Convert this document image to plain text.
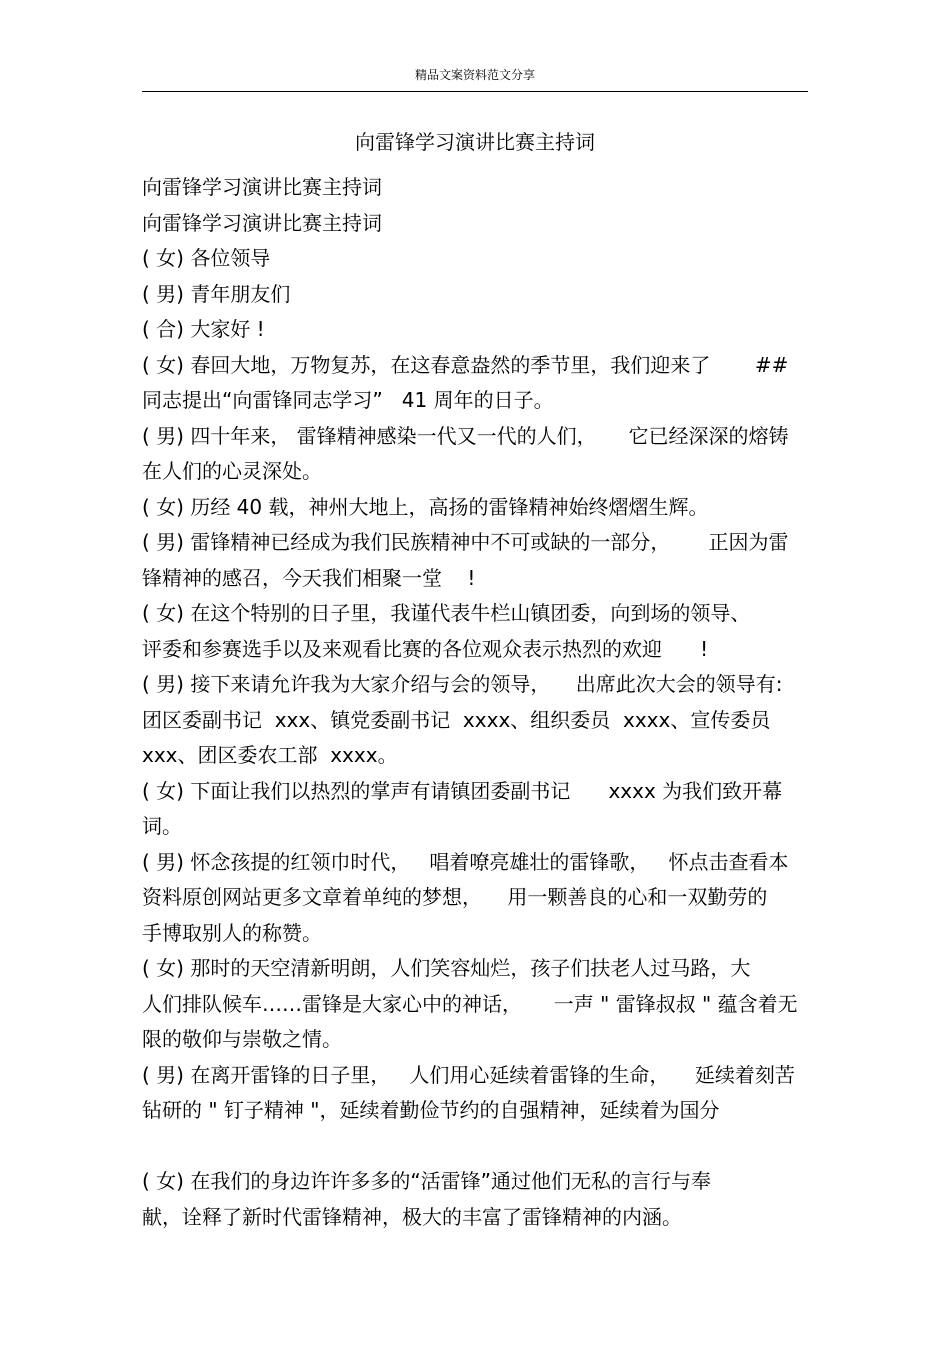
精品文案资料范文分享
向雷锋学习演讲比赛主持词
向雷锋学习演讲比赛主持词
向雷锋学习演讲比赛主持词
( 女) 各位领导
( 男) 青年朋友们
( 合) 大家好 !
( 女) 春回大地，万物复苏，在这春意盎然的季节里，我们迎来了       ##
同志提出“向雷锋同志学习”   41 周年的日子。
( 男) 四十年来， 雷锋精神感染一代又一代的人们，     它已经深深的熔铸
在人们的心灵深处。
( 女) 历经 40 载，神州大地上，高扬的雷锋精神始终熠熠生辉。
( 男) 雷锋精神已经成为我们民族精神中不可或缺的一部分，      正因为雷
锋精神的感召，今天我们相聚一堂    !
( 女) 在这个特别的日子里，我谨代表牛栏山镇团委，向到场的领导、
评委和参赛选手以及来观看比赛的各位观众表示热烈的欢迎      !
( 男) 接下来请允许我为大家介绍与会的领导，    出席此次大会的领导有:
团区委副书记  xxx、镇党委副书记  xxxx、组织委员  xxxx、宣传委员
xxx、团区委农工部  xxxx。
( 女) 下面让我们以热烈的掌声有请镇团委副书记      xxxx 为我们致开幕
词。
( 男) 怀念孩提的红领巾时代，   唱着嘹亮雄壮的雷锋歌，   怀点击查看本
资料原创网站更多文章着单纯的梦想，    用一颗善良的心和一双勤劳的
手博取别人的称赞。
( 女) 那时的天空清新明朗，人们笑容灿烂，孩子们扶老人过马路，大
人们排队候车……雷锋是大家心中的神话，     一声 " 雷锋叔叔 " 蕴含着无
限的敬仰与崇敬之情。
( 男) 在离开雷锋的日子里，   人们用心延续着雷锋的生命，    延续着刻苦
钻研的 " 钉子精神 "，延续着勤俭节约的自强精神，延续着为国分
( 女) 在我们的身边许许多多的“活雷锋”通过他们无私的言行与奉
献，诠释了新时代雷锋精神，极大的丰富了雷锋精神的内涵。
